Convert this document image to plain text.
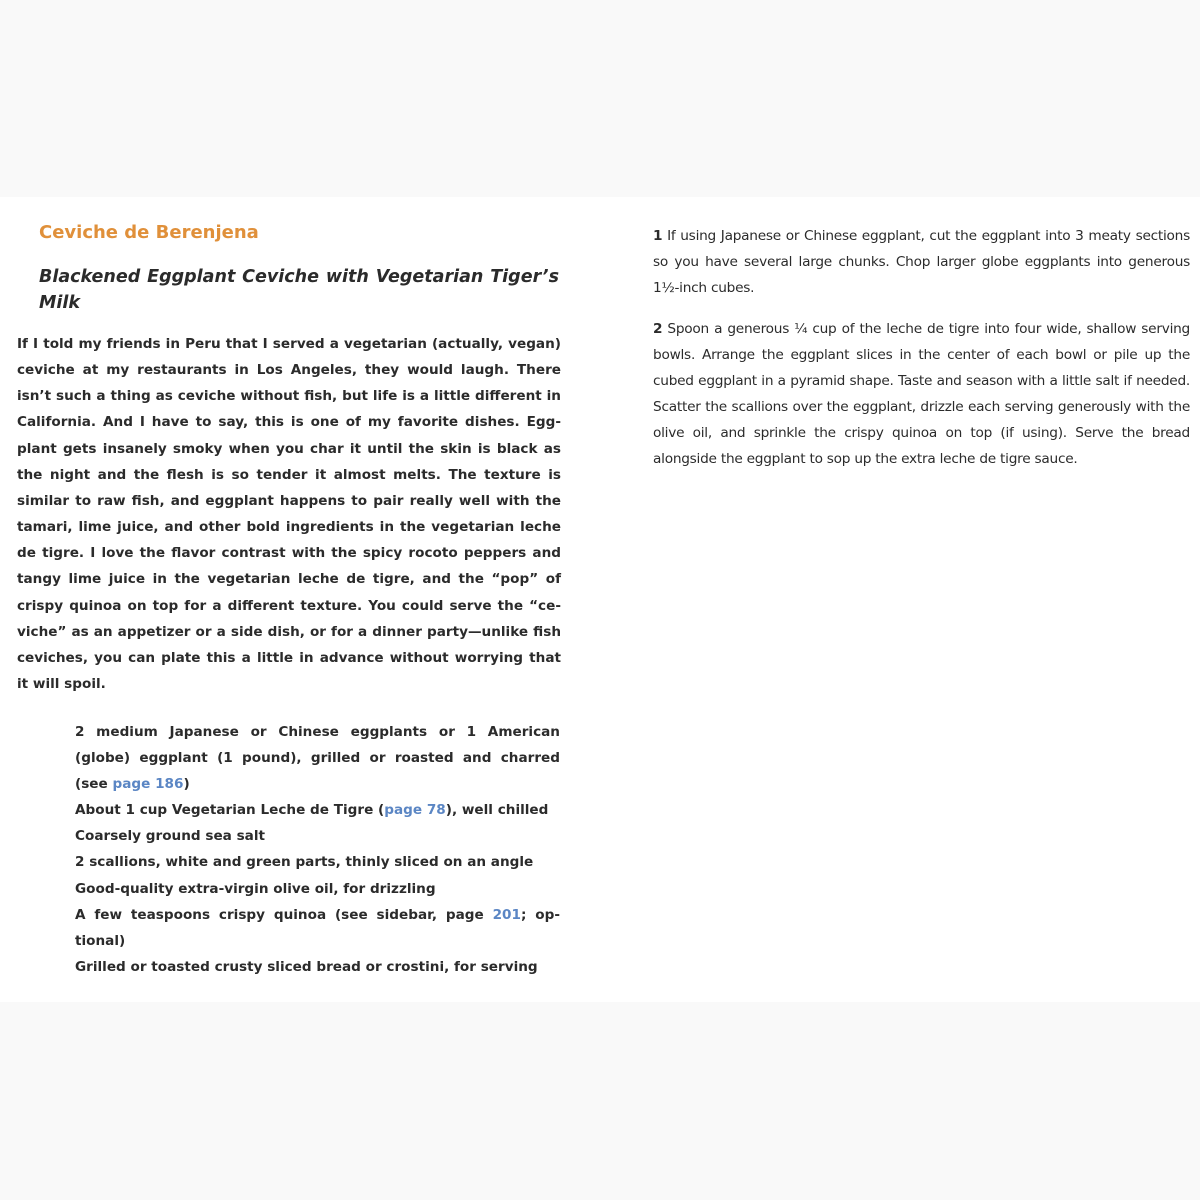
Ceviche de Berenjena
Blackened Eggplant Ceviche with Vegetarian Tiger’s Milk

If I told my friends in Peru that I served a vegetarian (actually, vegan) ceviche at my restaurants in Los Angeles, they would laugh. There isn’t such a thing as ceviche without fish, but life is a little different in California. And I have to say, this is one of my favorite dishes. Eggplant gets insanely smoky when you char it until the skin is black as the night and the flesh is so tender it almost melts. The texture is similar to raw fish, and eggplant happens to pair really well with the tamari, lime juice, and other bold ingredients in the vegetarian leche de tigre. I love the flavor contrast with the spicy rocoto peppers and tangy lime juice in the vegetarian leche de tigre, and the “pop” of crispy quinoa on top for a different texture. You could serve the “ceviche” as an appetizer or a side dish, or for a dinner party—unlike fish ceviches, you can plate this a little in advance without worrying that it will spoil.

2 medium Japanese or Chinese eggplants or 1 American (globe) eggplant (1 pound), grilled or roasted and charred (see page 186)
About 1 cup Vegetarian Leche de Tigre (page 78), well chilled
Coarsely ground sea salt
2 scallions, white and green parts, thinly sliced on an angle
Good-quality extra-virgin olive oil, for drizzling
A few teaspoons crispy quinoa (see sidebar, page 201; optional)
Grilled or toasted crusty sliced bread or crostini, for serving

1 If using Japanese or Chinese eggplant, cut the eggplant into 3 meaty sections so you have several large chunks. Chop larger globe eggplants into generous 1½-inch cubes.

2 Spoon a generous ¼ cup of the leche de tigre into four wide, shallow serving bowls. Arrange the eggplant slices in the center of each bowl or pile up the cubed eggplant in a pyramid shape. Taste and season with a little salt if needed. Scatter the scallions over the eggplant, drizzle each serving generously with the olive oil, and sprinkle the crispy quinoa on top (if using). Serve the bread alongside the eggplant to sop up the extra leche de tigre sauce.
